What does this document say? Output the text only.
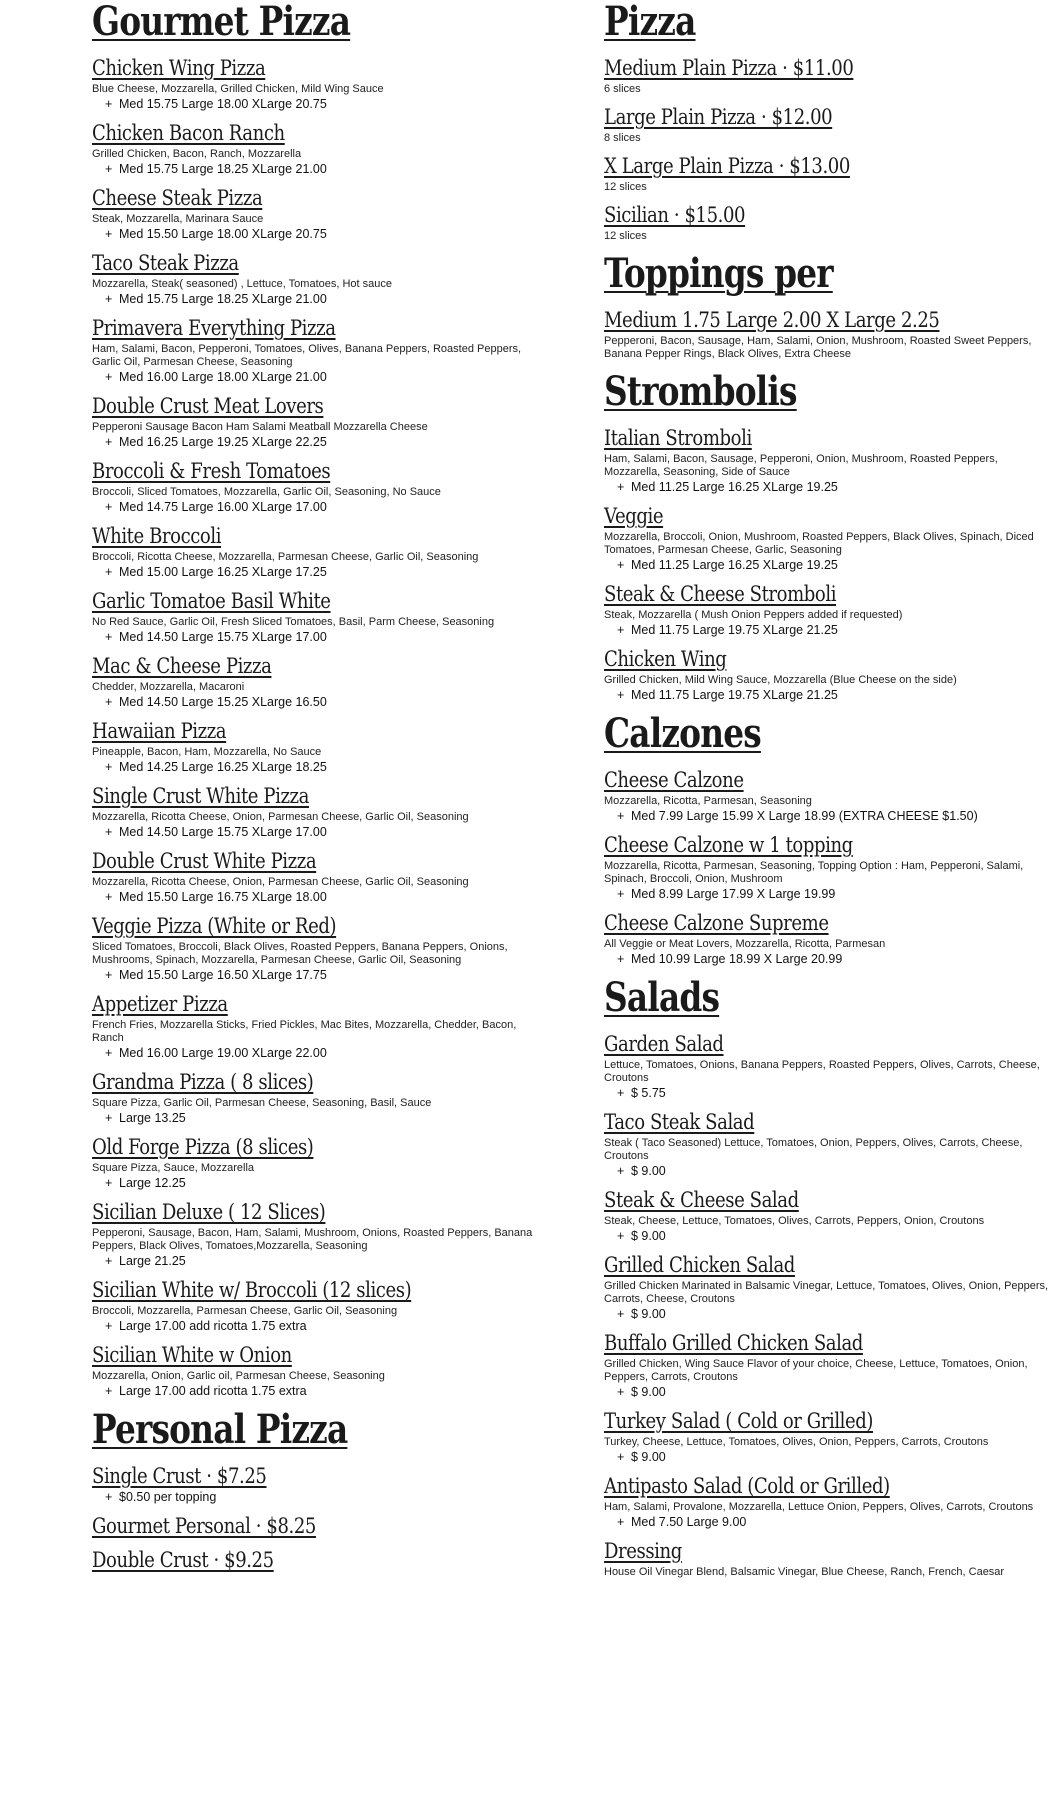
Gourmet Pizza
Chicken Wing Pizza
Blue Cheese, Mozzarella, Grilled Chicken, Mild Wing Sauce
+ Med 15.75 Large 18.00 XLarge 20.75
Chicken Bacon Ranch
Grilled Chicken, Bacon, Ranch, Mozzarella
+ Med 15.75 Large 18.25 XLarge 21.00
Cheese Steak Pizza
Steak, Mozzarella, Marinara Sauce
+ Med 15.50 Large 18.00 XLarge 20.75
Taco Steak Pizza
Mozzarella, Steak( seasoned) , Lettuce, Tomatoes, Hot sauce
+ Med 15.75 Large 18.25 XLarge 21.00
Primavera Everything Pizza
Ham, Salami, Bacon, Pepperoni, Tomatoes, Olives, Banana Peppers, Roasted Peppers, Garlic Oil, Parmesan Cheese, Seasoning
+ Med 16.00 Large 18.00 XLarge 21.00
Double Crust Meat Lovers
Pepperoni Sausage Bacon Ham Salami Meatball Mozzarella Cheese
+ Med 16.25 Large 19.25 XLarge 22.25
Broccoli & Fresh Tomatoes
Broccoli, Sliced Tomatoes, Mozzarella, Garlic Oil, Seasoning, No Sauce
+ Med 14.75 Large 16.00 XLarge 17.00
White Broccoli
Broccoli, Ricotta Cheese, Mozzarella, Parmesan Cheese, Garlic Oil, Seasoning
+ Med 15.00 Large 16.25 XLarge 17.25
Garlic Tomatoe Basil White
No Red Sauce, Garlic Oil, Fresh Sliced Tomatoes, Basil, Parm Cheese, Seasoning
+ Med 14.50 Large 15.75 XLarge 17.00
Mac & Cheese Pizza
Chedder, Mozzarella, Macaroni
+ Med 14.50 Large 15.25 XLarge 16.50
Hawaiian Pizza
Pineapple, Bacon, Ham, Mozzarella, No Sauce
+ Med 14.25 Large 16.25 XLarge 18.25
Single Crust White Pizza
Mozzarella, Ricotta Cheese, Onion, Parmesan Cheese, Garlic Oil, Seasoning
+ Med 14.50 Large 15.75 XLarge 17.00
Double Crust White Pizza
Mozzarella, Ricotta Cheese, Onion, Parmesan Cheese, Garlic Oil, Seasoning
+ Med 15.50 Large 16.75 XLarge 18.00
Veggie Pizza (White or Red)
Sliced Tomatoes, Broccoli, Black Olives, Roasted Peppers, Banana Peppers, Onions, Mushrooms, Spinach, Mozzarella, Parmesan Cheese, Garlic Oil, Seasoning
+ Med 15.50 Large 16.50 XLarge 17.75
Appetizer Pizza
French Fries, Mozzarella Sticks, Fried Pickles, Mac Bites, Mozzarella, Chedder, Bacon, Ranch
+ Med 16.00 Large 19.00 XLarge 22.00
Grandma Pizza ( 8 slices)
Square Pizza, Garlic Oil, Parmesan Cheese, Seasoning, Basil, Sauce
+ Large 13.25
Old Forge Pizza (8 slices)
Square Pizza, Sauce, Mozzarella
+ Large 12.25
Sicilian Deluxe ( 12 Slices)
Pepperoni, Sausage, Bacon, Ham, Salami, Mushroom, Onions, Roasted Peppers, Banana Peppers, Black Olives, Tomatoes,Mozzarella, Seasoning
+ Large 21.25
Sicilian White w/ Broccoli (12 slices)
Broccoli, Mozzarella, Parmesan Cheese, Garlic Oil, Seasoning
+ Large 17.00 add ricotta 1.75 extra
Sicilian White w Onion
Mozzarella, Onion, Garlic oil, Parmesan Cheese, Seasoning
+ Large 17.00 add ricotta 1.75 extra
Personal Pizza
Single Crust · $7.25
+ $0.50 per topping
Gourmet Personal · $8.25
Double Crust · $9.25
Pizza
Medium Plain Pizza · $11.00
6 slices
Large Plain Pizza · $12.00
8 slices
X Large Plain Pizza · $13.00
12 slices
Sicilian · $15.00
12 slices
Toppings per
Medium 1.75 Large 2.00 X Large 2.25
Pepperoni, Bacon, Sausage, Ham, Salami, Onion, Mushroom, Roasted Sweet Peppers, Banana Pepper Rings, Black Olives, Extra Cheese
Strombolis
Italian Stromboli
Ham, Salami, Bacon, Sausage, Pepperoni, Onion, Mushroom, Roasted Peppers, Mozzarella, Seasoning, Side of Sauce
+ Med 11.25 Large 16.25 XLarge 19.25
Veggie
Mozzarella, Broccoli, Onion, Mushroom, Roasted Peppers, Black Olives, Spinach, Diced Tomatoes, Parmesan Cheese, Garlic, Seasoning
+ Med 11.25 Large 16.25 XLarge 19.25
Steak & Cheese Stromboli
Steak, Mozzarella ( Mush Onion Peppers added if requested)
+ Med 11.75 Large 19.75 XLarge 21.25
Chicken Wing
Grilled Chicken, Mild Wing Sauce, Mozzarella (Blue Cheese on the side)
+ Med 11.75 Large 19.75 XLarge 21.25
Calzones
Cheese Calzone
Mozzarella, Ricotta, Parmesan, Seasoning
+ Med 7.99 Large 15.99 X Large 18.99 (EXTRA CHEESE $1.50)
Cheese Calzone w 1 topping
Mozzarella, Ricotta, Parmesan, Seasoning, Topping Option : Ham, Pepperoni, Salami, Spinach, Broccoli, Onion, Mushroom
+ Med 8.99 Large 17.99 X Large 19.99
Cheese Calzone Supreme
All Veggie or Meat Lovers, Mozzarella, Ricotta, Parmesan
+ Med 10.99 Large 18.99 X Large 20.99
Salads
Garden Salad
Lettuce, Tomatoes, Onions, Banana Peppers, Roasted Peppers, Olives, Carrots, Cheese, Croutons
+ $ 5.75
Taco Steak Salad
Steak ( Taco Seasoned) Lettuce, Tomatoes, Onion, Peppers, Olives, Carrots, Cheese, Croutons
+ $ 9.00
Steak & Cheese Salad
Steak, Cheese, Lettuce, Tomatoes, Olives, Carrots, Peppers, Onion, Croutons
+ $ 9.00
Grilled Chicken Salad
Grilled Chicken Marinated in Balsamic Vinegar, Lettuce, Tomatoes, Olives, Onion, Peppers, Carrots, Cheese, Croutons
+ $ 9.00
Buffalo Grilled Chicken Salad
Grilled Chicken, Wing Sauce Flavor of your choice, Cheese, Lettuce, Tomatoes, Onion, Peppers, Carrots, Croutons
+ $ 9.00
Turkey Salad ( Cold or Grilled)
Turkey, Cheese, Lettuce, Tomatoes, Olives, Onion, Peppers, Carrots, Croutons
+ $ 9.00
Antipasto Salad (Cold or Grilled)
Ham, Salami, Provalone, Mozzarella, Lettuce Onion, Peppers, Olives, Carrots, Croutons
+ Med 7.50 Large 9.00
Dressing
House Oil Vinegar Blend, Balsamic Vinegar, Blue Cheese, Ranch, French, Caesar
